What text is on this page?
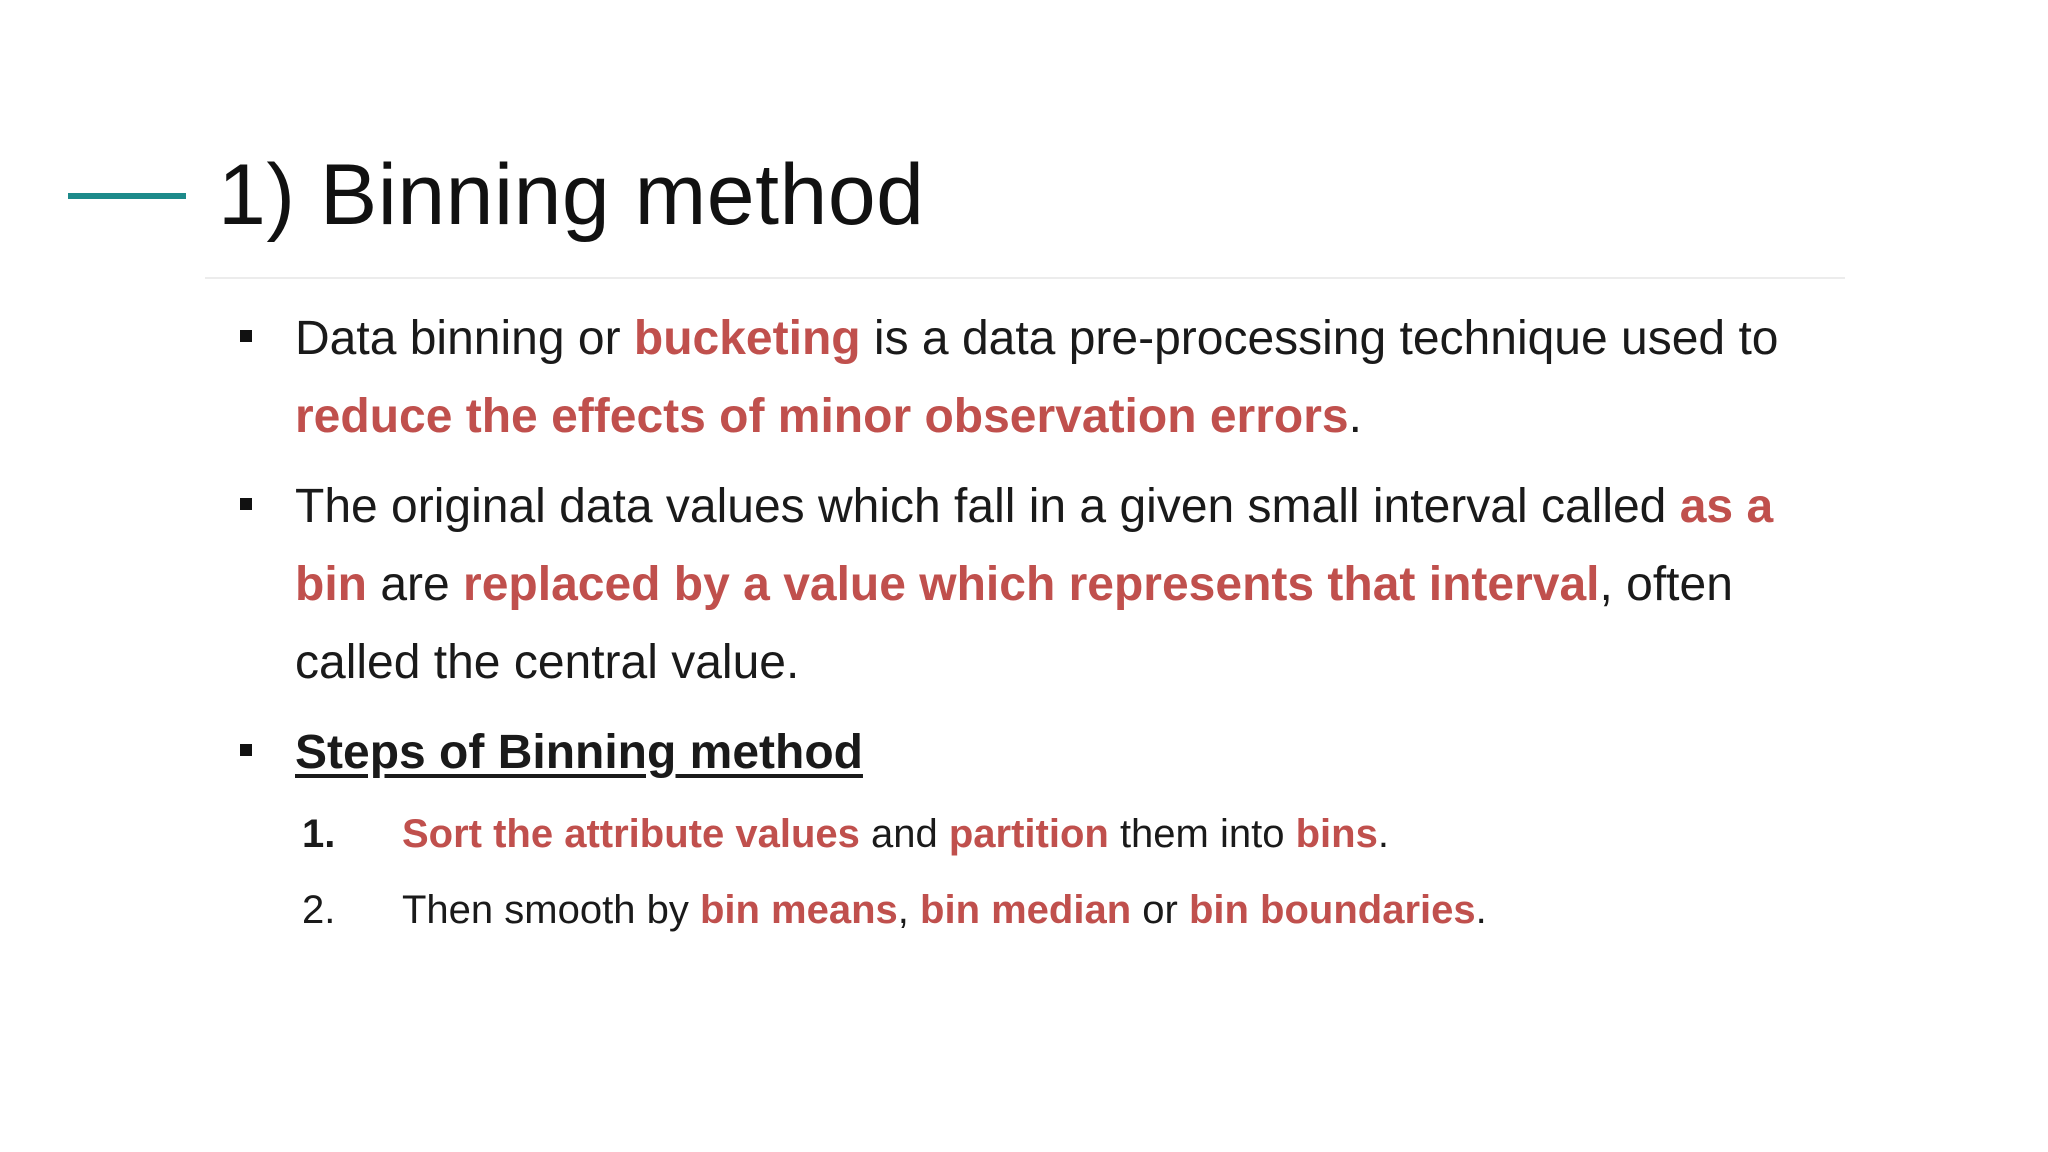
1) Binning method
Data binning or bucketing is a data pre-processing technique used to reduce the effects of minor observation errors.
The original data values which fall in a given small interval called as a bin are replaced by a value which represents that interval, often called the central value.
Steps of Binning method
1. Sort the attribute values and partition them into bins.
2. Then smooth by bin means, bin median or bin boundaries.
